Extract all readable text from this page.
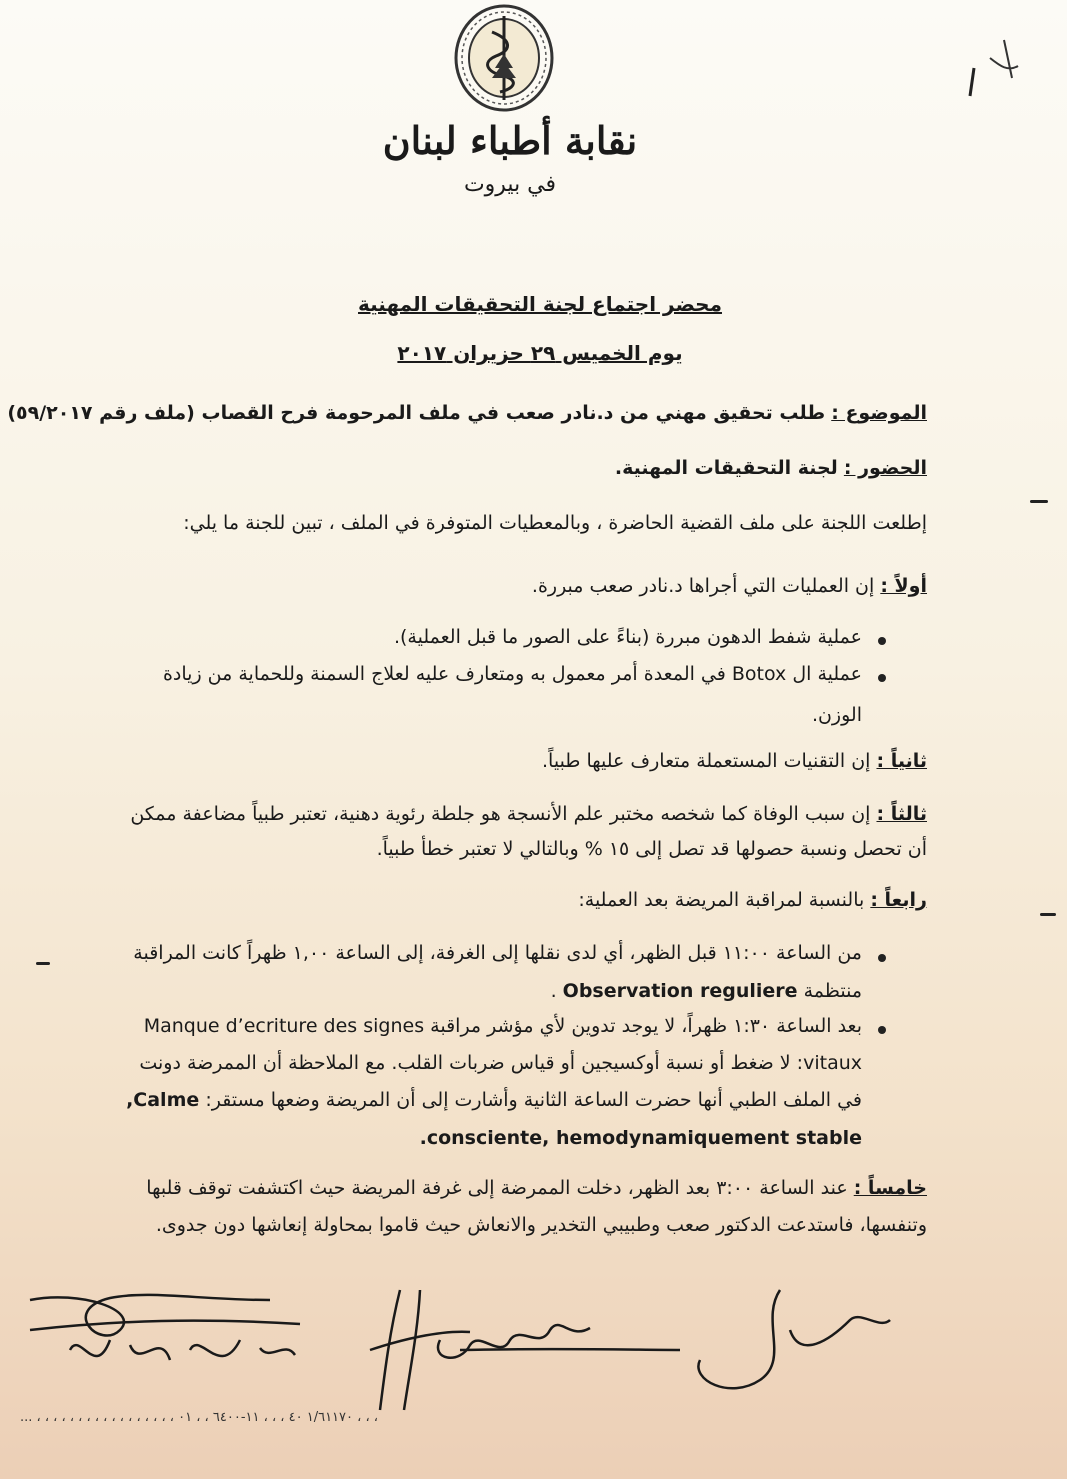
نقابة أطباء لبنان
في بيروت
محضر اجتماع لجنة التحقيقات المهنية
يوم الخميس ٢٩ حزيران ٢٠١٧
الموضوع : طلب تحقيق مهني من د.نادر صعب في ملف المرحومة فرح القصاب (ملف رقم ٥٩/٢٠١٧)
الحضور : لجنة التحقيقات المهنية.
إطلعت اللجنة على ملف القضية الحاضرة ، وبالمعطيات المتوفرة في الملف ، تبين للجنة ما يلي:
أولاً : إن العمليات التي أجراها د.نادر صعب مبررة.
عملية شفط الدهون مبررة (بناءً على الصور ما قبل العملية).
عملية ال Botox في المعدة أمر معمول به ومتعارف عليه لعلاج السمنة وللحماية من زيادة
الوزن.
ثانياً : إن التقنيات المستعملة متعارف عليها طبياً.
ثالثاً : إن سبب الوفاة كما شخصه مختبر علم الأنسجة هو جلطة رئوية دهنية، تعتبر طبياً مضاعفة ممكن
أن تحصل ونسبة حصولها قد تصل إلى ١٥ % وبالتالي لا تعتبر خطأ طبياً.
رابعاً : بالنسبة لمراقبة المريضة بعد العملية:
من الساعة ١١:٠٠ قبل الظهر، أي لدى نقلها إلى الغرفة، إلى الساعة ١,٠٠ ظهراً كانت المراقبة
منتظمة Observation reguliere .
بعد الساعة ١:٣٠ ظهراً، لا يوجد تدوين لأي مؤشر مراقبة Manque d’ecriture des signes
vitaux: لا ضغط أو نسبة أوكسيجين أو قياس ضربات القلب. مع الملاحظة أن الممرضة دونت
في الملف الطبي أنها حضرت الساعة الثانية وأشارت إلى أن المريضة وضعها مستقر: Calme,
consciente, hemodynamiquement stable.
خامساً : عند الساعة ٣:٠٠ بعد الظهر، دخلت الممرضة إلى غرفة المريضة حيث اكتشفت توقف قلبها
وتنفسها، فاستدعت الدكتور صعب وطبيبي التخدير والانعاش حيث قاموا بمحاولة إنعاشها دون جدوى.
... ، ، ، ، ، ، ، ، ، ، ، ، ، ، ، ، ، ١/٦١١٧٠ ٤٠ ، ، ، ١١-٦٤٠٠ ، ، ٠١ ، ، ،
